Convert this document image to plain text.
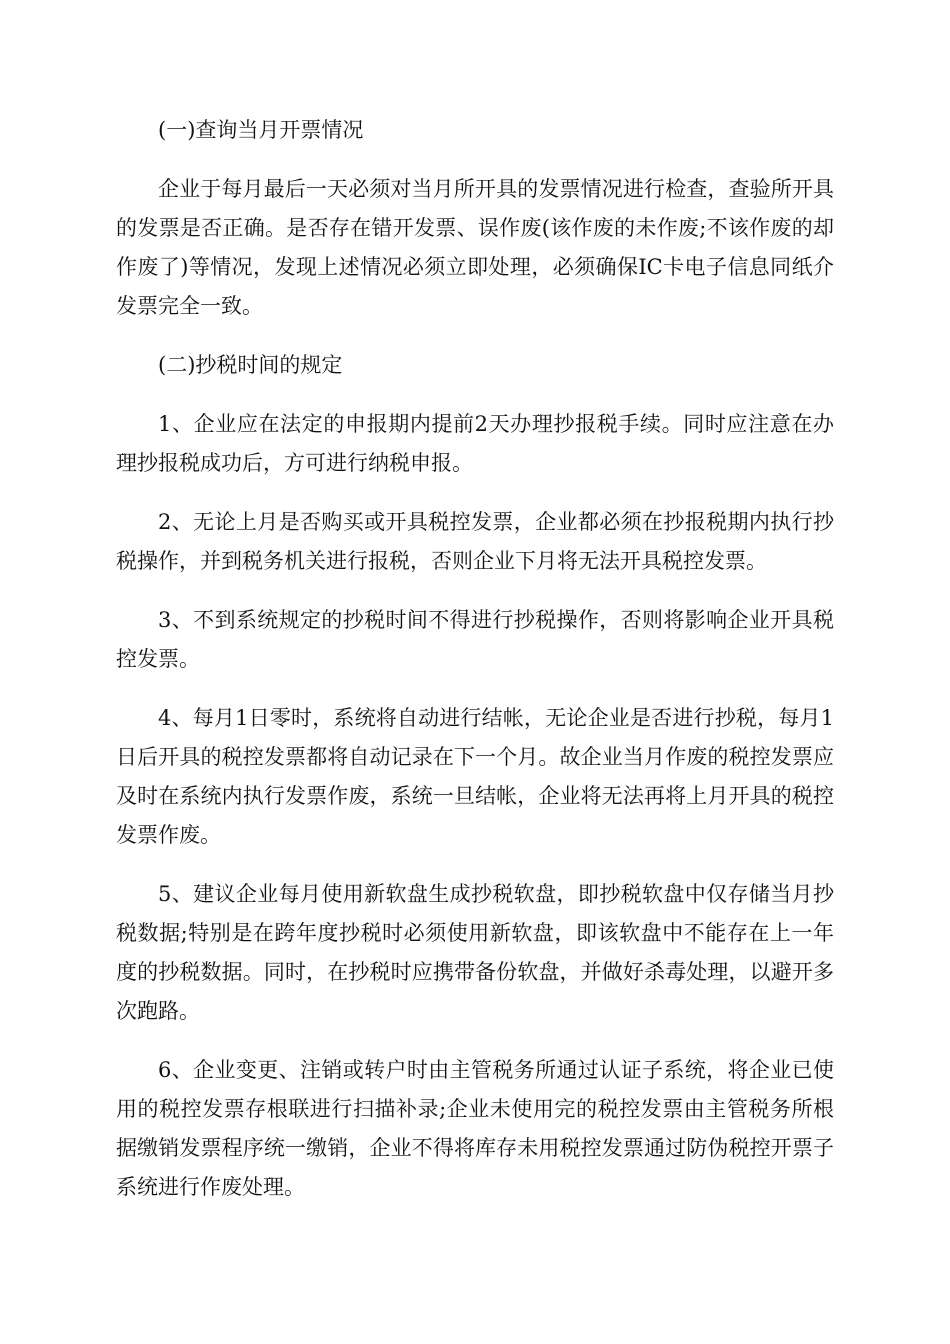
(一)查询当月开票情况

企业于每月最后一天必须对当月所开具的发票情况进行检查，查验所开具的发票是否正确。是否存在错开发票、误作废(该作废的未作废;不该作废的却作废了)等情况，发现上述情况必须立即处理，必须确保IC卡电子信息同纸介发票完全一致。

(二)抄税时间的规定

1、企业应在法定的申报期内提前2天办理抄报税手续。同时应注意在办理抄报税成功后，方可进行纳税申报。

2、无论上月是否购买或开具税控发票，企业都必须在抄报税期内执行抄税操作，并到税务机关进行报税，否则企业下月将无法开具税控发票。

3、不到系统规定的抄税时间不得进行抄税操作，否则将影响企业开具税控发票。

4、每月1日零时，系统将自动进行结帐，无论企业是否进行抄税，每月1日后开具的税控发票都将自动记录在下一个月。故企业当月作废的税控发票应及时在系统内执行发票作废，系统一旦结帐，企业将无法再将上月开具的税控发票作废。

5、建议企业每月使用新软盘生成抄税软盘，即抄税软盘中仅存储当月抄税数据;特别是在跨年度抄税时必须使用新软盘，即该软盘中不能存在上一年度的抄税数据。同时，在抄税时应携带备份软盘，并做好杀毒处理，以避开多次跑路。

6、企业变更、注销或转户时由主管税务所通过认证子系统，将企业已使用的税控发票存根联进行扫描补录;企业未使用完的税控发票由主管税务所根据缴销发票程序统一缴销，企业不得将库存未用税控发票通过防伪税控开票子系统进行作废处理。
